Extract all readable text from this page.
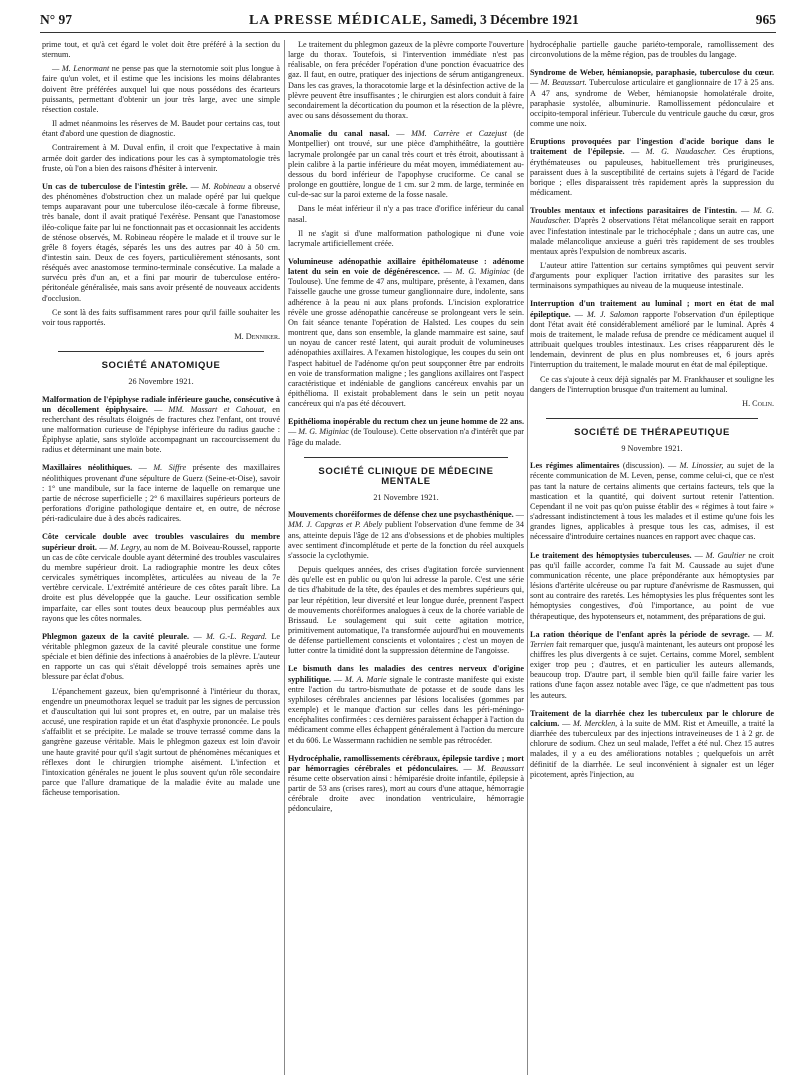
N° 97	LA PRESSE MÉDICALE, Samedi, 3 Décembre 1921	965

prime tout, et qu'à cet égard le volet doit être préféré à la section du sternum.

— M. Lenormant ne pense pas que la sternotomie soit plus longue à faire qu'un volet, et il estime que les incisions les moins délabrantes doivent être préférées auxquel lui que nous possédons des écarteurs puissants, permettant d'obtenir un jour très large, avec une simple résection costale.

Il admet néanmoins les réserves de M. Baudet pour certains cas, tout étant d'abord une question de diagnostic.

Contrairement à M. Duval enfin, il croit que l'expectative à main armée doit garder des indications pour les cas à symptomatologie très fruste, où l'on a bien des raisons d'hésiter à intervenir.

Un cas de tuberculose de l'intestin grêle. — M. Robineau a observé des phénomènes d'obstruction chez un malade opéré par lui quelque temps auparavant pour une tuberculose iléo-cæcale à forme fibreuse, très banale, dont il avait pratiqué l'exérèse. Pensant que l'anastomose iléo-colique faite par lui ne fonctionnait pas et occasionnait les accidents de sténose observés, M. Robineau réopère le malade et il trouve sur le grêle 8 foyers étagés, séparés les uns des autres par 40 à 50 cm. d'intestin sain. Deux de ces foyers, particulièrement sténosants, sont réséqués avec anastomose termino-terminale consécutive. La malade a survécu près d'un an, et a fini par mourir de tuberculose entéro-péritonéale généralisée, mais sans avoir présenté de nouveaux accidents d'occlusion.

Ce sont là des faits suffisamment rares pour qu'il faille souhaiter les voir tous rapportés.

M. Denniker.

SOCIÉTÉ ANATOMIQUE
26 Novembre 1921.

Malformation de l'épiphyse radiale inférieure gauche, consécutive à un décollement épiphysaire. — MM. Massart et Cahouat, en recherchant des résultats éloignés de fractures chez l'enfant, ont trouvé une malformation curieuse de l'épiphyse inférieure du radius gauche : Épiphyse aplatie, sans styloïde accompagnant un raccourcissement du radius et déterminant une main bote.

Maxillaires néolithiques. — M. Siffre présente des maxillaires néolithiques provenant d'une sépulture de Guerz (Seine-et-Oise), savoir : 1° une mandibule, sur la face interne de laquelle on remarque une partie de nécrose superficielle ; 2° 6 maxillaires supérieurs porteurs de perforations d'origine pathologique dentaire et, en outre, de nécrose péri-radiculaire due à des abcès radicaires.

Côte cervicale double avec troubles vasculaires du membre supérieur droit. — M. Legry, au nom de M. Boiveau-Roussel, rapporte un cas de côte cervicale double ayant déterminé des troubles vasculaires du membre supérieur droit. La radiographie montre les deux côtes cervicales symétriques incomplètes, articulées au niveau de la 7e vertèbre cervicale. L'extrémité antérieure de ces côtes paraît libre. La droite est plus développée que la gauche. Leur ossification semble imparfaite, car elles sont toutes deux beaucoup plus perméables aux rayons que les côtes normales.

Phlegmon gazeux de la cavité pleurale. — M. G.-L. Regard. Le véritable phlegmon gazeux de la cavité pleurale constitue une forme spéciale et bien définie des infections à anaérobies de la plèvre. L'auteur en rapporte un cas qui s'était développé trois semaines après une blessure par éclat d'obus.

L'épanchement gazeux, bien qu'emprisonné à l'intérieur du thorax, engendre un pneumothorax lequel se traduit par les signes de percussion et d'auscultation qui lui sont propres et, en outre, par un malaise très accusé, une respiration rapide et un état d'asphyxie prononcée. Le pouls s'affaiblit et se précipite. Le malade se trouve terrassé comme dans la gangrène gazeuse véritable. Mais le phlegmon gazeux est loin d'avoir une haute gravité pour qu'il s'agit surtout de phénomènes mécaniques et réflexes dont le chirurgien triomphe aisément. L'infection et l'intoxication générales ne jouent le plus souvent qu'un rôle secondaire parce que l'allure dramatique de la maladie évite au malade une fâcheuse temporisation.

Le traitement du phlegmon gazeux de la plèvre comporte l'ouverture large du thorax. Toutefois, si l'intervention immédiate n'est pas réalisable, on fera précéder l'opération d'une ponction évacuatrice des gaz. Il faut, en outre, pratiquer des injections de sérum antigangreneux. Dans les cas graves, la thoracotomie large et la désinfection active de la plèvre peuvent être insuffisantes ; le chirurgien est alors conduit à faire secondairement la décortication du poumon et la résection de la plèvre, avec ou sans désossement du thorax.

Anomalie du canal nasal. — MM. Carrère et Cazejust (de Montpellier) ont trouvé, sur une pièce d'amphithéâtre, la gouttière lacrymale prolongée par un canal très court et très étroit, aboutissant à plein calibre à la partie inférieure du méat moyen, immédiatement au-dessous du bord inférieur de l'apophyse cruciforme. Ce canal se prolonge en gouttière, longue de 1 cm. sur 2 mm. de large, terminée en cul-de-sac sur la paroi externe de la fosse nasale.

Dans le méat inférieur il n'y a pas trace d'orifice inférieur du canal nasal.

Il ne s'agit si d'une malformation pathologique ni d'une voie lacrymale artificiellement créée.

Volumineuse adénopathie axillaire épithélomateuse : adénome latent du sein en voie de dégénérescence. — M. G. Miginiac (de Toulouse). Une femme de 47 ans, multipare, présente, à l'examen, dans l'aisselle gauche une grosse tumeur ganglionnaire dure, indolente, sans adhérence à la peau ni aux plans profonds. L'incision exploratrice révèle une grosse adénopathie cancéreuse se prolongeant vers le sein. On fait séance tenante l'opération de Halsted. Les coupes du sein montrent que, dans son ensemble, la glande mammaire est saine, sauf un noyau de cancer resté latent, qui aurait produit de volumineuses adénopathies axillaires. A l'examen histologique, les coupes du sein ont l'aspect habituel de l'adénome qu'on peut soupçonner être par endroits en voie de transformation maligne ; les ganglions axillaires ont l'aspect caractéristique et indéniable de ganglions cancéreux envahis par un épithélioma. Il existait probablement dans le sein un petit noyau cancéreux qui n'a pas été découvert.

Epithélioma inopérable du rectum chez un jeune homme de 22 ans. — M. G. Miginiac (de Toulouse). Cette observation n'a d'intérêt que par l'âge du malade.

SOCIÉTÉ CLINIQUE DE MÉDECINE MENTALE
21 Novembre 1921.

Mouvements choréiformes de défense chez une psychasthénique. — MM. J. Capgras et P. Abely publient l'observation d'une femme de 34 ans, atteinte depuis l'âge de 12 ans d'obsessions et de phobies multiples avec sentiment d'incomplétude et perte de la fonction du réel auxquels s'associe la cyclothymie.

Depuis quelques années, des crises d'agitation forcée surviennent dès qu'elle est en public ou qu'on lui adresse la parole. C'est une série de tics d'habitude de la tête, des épaules et des membres supérieurs qui, par leur répétition, leur diversité et leur longue durée, prennent l'aspect de mouvements choréiformes analogues à ceux de la chorée variable de Brissaud. Le soulagement qui suit cette agitation motrice, primitivement automatique, l'a transformée aujourd'hui en mouvements de défense partiellement conscients et volontaires ; c'est un moyen de lutter contre la timidité dont la suppression détermine de l'angoisse.

Le bismuth dans les maladies des centres nerveux d'origine syphilitique. — M. A. Marie signale le contraste manifeste qui existe entre l'action du tartro-bismuthate de potasse et de soude dans les syphiloses cérébrales anciennes par lésions localisées (gommes par exemple) et le manque d'action sur celles dans les péri-méningo-encéphalites confirmées : ces dernières paraissent échapper à l'action du médicament comme elles échappent généralement à l'action du mercure et du 606. Le Wassermann rachidien ne semble pas rétrocéder.

Hydrocéphalie, ramollissements cérébraux, épilepsie tardive ; mort par hémorragies cérébrales et pédonculaires. — M. Beaussart résume cette observation ainsi : hémiparésie droite infantile, épilepsie à partir de 53 ans (crises rares), mort au cours d'une attaque, hémorragie cérébrale droite avec inondation ventriculaire, hémorragie pédonculaire,

hydrocéphalie partielle gauche pariéto-temporale, ramollissement des circonvolutions de la même région, pas de troubles du langage.

Syndrome de Weber, hémianopsie, paraphasie, tuberculose du cœur. — M. Beaussart. Tuberculose articulaire et ganglionnaire de 17 à 25 ans. A 47 ans, syndrome de Weber, hémianopsie homolatérale droite, paraphasie systolée, albuminurie. Ramollissement pédonculaire et occipito-temporal inférieur. Tubercule du ventricule gauche du cœur, gros comme une noix.

Eruptions provoquées par l'ingestion d'acide borique dans le traitement de l'épilepsie. — M. G. Naudascher. Ces éruptions, érythémateuses ou papuleuses, habituellement très prurigineuses, paraissent dues à la susceptibilité de certains sujets à l'égard de l'acide borique ; elles disparaissent très rapidement après la suppression du médicament.

Troubles mentaux et infections parasitaires de l'intestin. — M. G. Naudascher. D'après 2 observations l'état mélancolique serait en rapport avec l'infestation intestinale par le trichocéphale ; dans un autre cas, une malade mélancolique anxieuse a guéri très rapidement de ses troubles mentaux après l'expulsion de nombreux ascaris.

L'auteur attire l'attention sur certains symptômes qui peuvent servir d'arguments pour expliquer l'action irritative des parasites sur les terminaisons sympathiques au niveau de la muqueuse intestinale.

Interruption d'un traitement au luminal ; mort en état de mal épileptique. — M. J. Salomon rapporte l'observation d'un épileptique dont l'état avait été considérablement amélioré par le luminal. Après 4 mois de traitement, le malade refusa de prendre ce médicament auquel il attribuait quelques troubles intestinaux. Les crises réapparurent dès le lendemain, devinrent de plus en plus nombreuses et, 6 jours après l'interruption du traitement, le malade mourut en état de mal épileptique.

Ce cas s'ajoute à ceux déjà signalés par M. Frankhauser et souligne les dangers de l'interruption brusque d'un traitement au luminal.

H. Colin.

SOCIÉTÉ DE THÉRAPEUTIQUE
9 Novembre 1921.

Les régimes alimentaires (discussion). — M. Linossier, au sujet de la récente communication de M. Leven, pense, comme celui-ci, que ce n'est pas tant la nature de certains aliments que certains facteurs, tels que la mastication et la quantité, qui doivent surtout retenir l'attention. Cependant il ne voit pas qu'on puisse établir des « régimes à tout faire » s'adressant indistinctement à tous les malades et il estime qu'une fois les grandes lignes, applicables à presque tous les cas, admises, il est nécessaire d'introduire certaines nuances en rapport avec chaque cas.

Le traitement des hémoptysies tuberculeuses. — M. Gaultier ne croit pas qu'il faille accorder, comme l'a fait M. Caussade au sujet d'une communication récente, une place prépondérante aux hémoptysies par lésions d'artérite ulcéreuse ou par rupture d'anévrisme de Rasmussen, qui sont au contraire des raretés. Les hémoptysies les plus fréquentes sont les hémoptysies congestives, d'où l'importance, au point de vue thérapeutique, des hypotenseurs et, notamment, des préparations de gui.

La ration théorique de l'enfant après la période de sevrage. — M. Terrien fait remarquer que, jusqu'à maintenant, les auteurs ont proposé les chiffres les plus divergents à ce sujet. Certains, comme Morel, semblent exiger trop peu ; d'autres, et en particulier les auteurs allemands, beaucoup trop. D'autre part, il semble bien qu'il faille faire varier les rations d'une façon assez notable avec l'âge, ce que n'admettent pas tous les auteurs.

Traitement de la diarrhée chez les tuberculeux par le chlorure de calcium. — M. Mercklen, à la suite de MM. Rist et Ameuille, a traité la diarrhée des tuberculeux par des injections intraveineuses de 1 à 2 gr. de chlorure de sodium. Chez un seul malade, l'effet a été nul. Chez 15 autres malades, il y a eu des améliorations notables ; quelquefois un arrêt définitif de la diarrhée. Le seul inconvénient à signaler est un léger picotement, après l'injection, au
